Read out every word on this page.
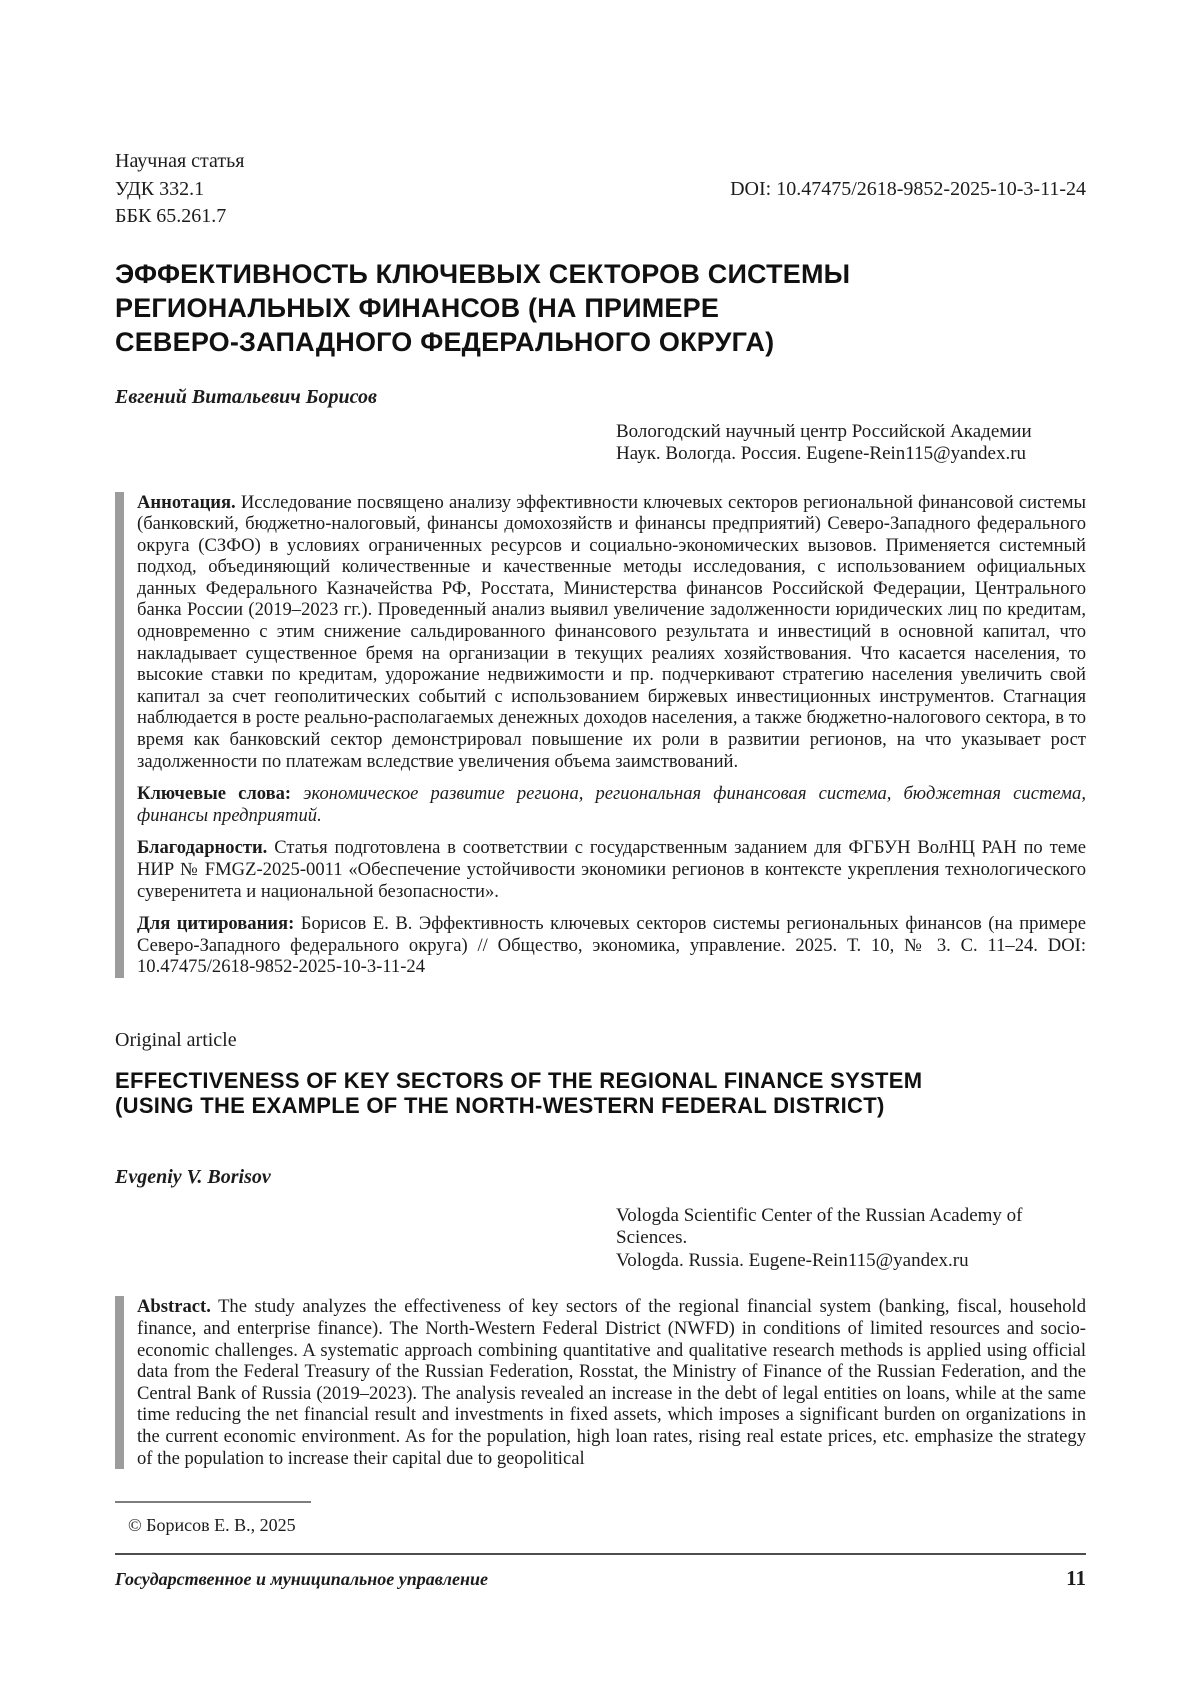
Научная статья
УДК 332.1	DOI: 10.47475/2618-9852-2025-10-3-11-24
ББК 65.261.7
ЭФФЕКТИВНОСТЬ КЛЮЧЕВЫХ СЕКТОРОВ СИСТЕМЫ
РЕГИОНАЛЬНЫХ ФИНАНСОВ (НА ПРИМЕРЕ
СЕВЕРО-ЗАПАДНОГО ФЕДЕРАЛЬНОГО ОКРУГА)
Евгений Витальевич Борисов
Вологодский научный центр Российской Академии
Наук. Вологда. Россия. Eugene-Rein115@yandex.ru

Аннотация. Исследование посвящено анализу эффективности ключевых секторов региональной финансовой системы (банковский, бюджетно-налоговый, финансы домохозяйств и финансы предприятий) Северо-Западного федерального округа (СЗФО) в условиях ограниченных ресурсов и социально-экономических вызовов. Применяется системный подход, объединяющий количественные и качественные методы исследования, с использованием официальных данных Федерального Казначейства РФ, Росстата, Министерства финансов Российской Федерации, Центрального банка России (2019–2023 гг.). Проведенный анализ выявил увеличение задолженности юридических лиц по кредитам, одновременно с этим снижение сальдированного финансового результата и инвестиций в основной капитал, что накладывает существенное бремя на организации в текущих реалиях хозяйствования. Что касается населения, то высокие ставки по кредитам, удорожание недвижимости и пр. подчеркивают стратегию населения увеличить свой капитал за счет геополитических событий с использованием биржевых инвестиционных инструментов. Стагнация наблюдается в росте реально-располагаемых денежных доходов населения, а также бюджетно-налогового сектора, в то время как банковский сектор демонстрировал повышение их роли в развитии регионов, на что указывает рост задолженности по платежам вследствие увеличения объема заимствований.

Ключевые слова: экономическое развитие региона, региональная финансовая система, бюджетная система, финансы предприятий.

Благодарности. Статья подготовлена в соответствии с государственным заданием для ФГБУН ВолНЦ РАН по теме НИР № FMGZ-2025-0011 «Обеспечение устойчивости экономики регионов в контексте укрепления технологического суверенитета и национальной безопасности».

Для цитирования: Борисов Е. В. Эффективность ключевых секторов системы региональных финансов (на примере Северо-Западного федерального округа) // Общество, экономика, управление. 2025. Т. 10, № 3. С. 11–24. DOI: 10.47475/2618-9852-2025-10-3-11-24

Original article
EFFECTIVENESS OF KEY SECTORS OF THE REGIONAL FINANCE SYSTEM
(USING THE EXAMPLE OF THE NORTH-WESTERN FEDERAL DISTRICT)
Evgeniy V. Borisov
Vologda Scientific Center of the Russian Academy of Sciences.
Vologda. Russia. Eugene-Rein115@yandex.ru

Abstract. The study analyzes the effectiveness of key sectors of the regional financial system (banking, fiscal, household finance, and enterprise finance). The North-Western Federal District (NWFD) in conditions of limited resources and socio-economic challenges. A systematic approach combining quantitative and qualitative research methods is applied using official data from the Federal Treasury of the Russian Federation, Rosstat, the Ministry of Finance of the Russian Federation, and the Central Bank of Russia (2019–2023). The analysis revealed an increase in the debt of legal entities on loans, while at the same time reducing the net financial result and investments in fixed assets, which imposes a significant burden on organizations in the current economic environment. As for the population, high loan rates, rising real estate prices, etc. emphasize the strategy of the population to increase their capital due to geopolitical

© Борисов Е. В., 2025
Государственное и муниципальное управление	11
